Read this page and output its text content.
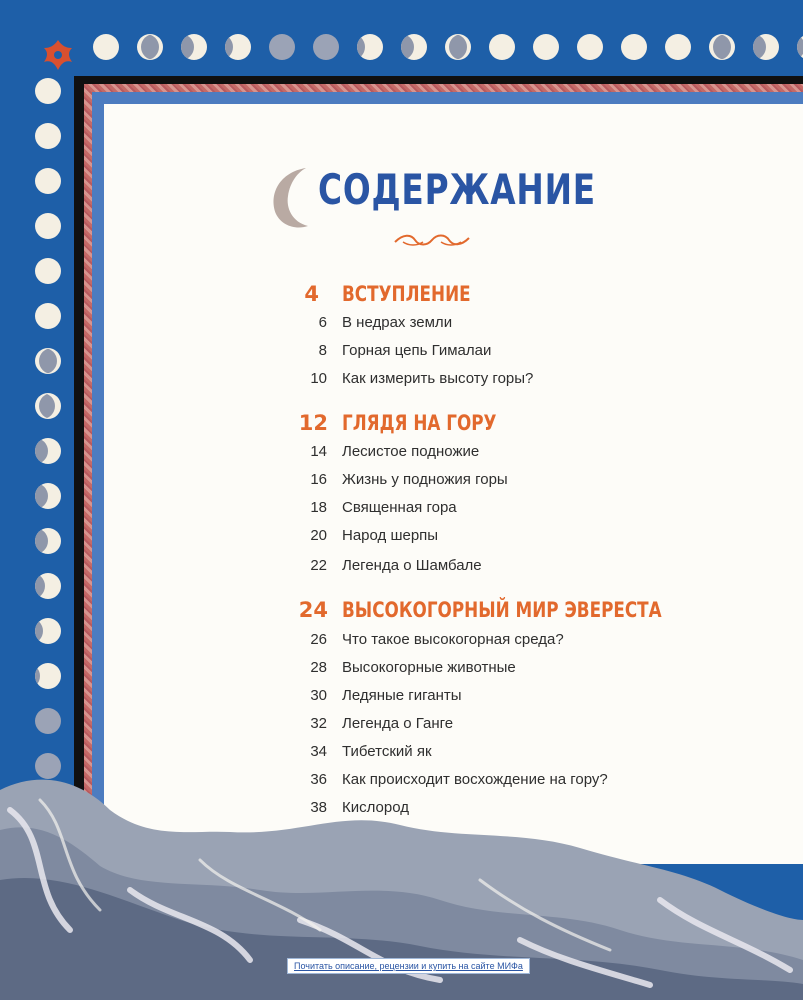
СОДЕРЖАНИЕ
4 ВСТУПЛЕНИЕ
6 В недрах земли
8 Горная цепь Гималаи
10 Как измерить высоту горы?
12 ГЛЯДЯ НА ГОРУ
14 Лесистое подножие
16 Жизнь у подножия горы
18 Священная гора
20 Народ шерпы
22 Легенда о Шамбале
24 ВЫСОКОГОРНЫЙ МИР ЭВЕРЕСТА
26 Что такое высокогорная среда?
28 Высокогорные животные
30 Ледяные гиганты
32 Легенда о Ганге
34 Тибетский як
36 Как происходит восхождение на гору?
38 Кислород
Почитать описание, рецензии и купить на сайте МИФа
